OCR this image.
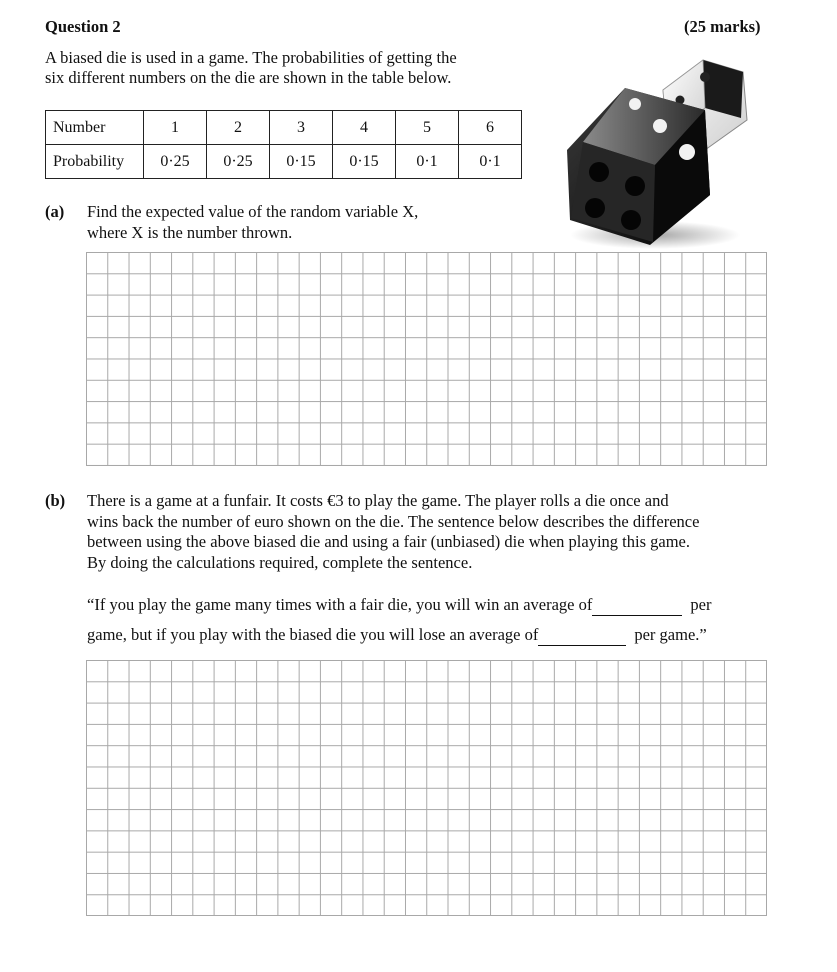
Question 2	(25 marks)
A biased die is used in a game. The probabilities of getting the
six different numbers on the die are shown in the table below.
Number	1	2	3	4	5	6
Probability	0·25	0·25	0·15	0·15	0·1	0·1
(a) Find the expected value of the random variable X,
where X is the number thrown.
(b) There is a game at a funfair. It costs €3 to play the game. The player rolls a die once and
wins back the number of euro shown on the die. The sentence below describes the difference
between using the above biased die and using a fair (unbiased) die when playing this game.
By doing the calculations required, complete the sentence.
“If you play the game many times with a fair die, you will win an average of	per
game, but if you play with the biased die you will lose an average of	per game.”
